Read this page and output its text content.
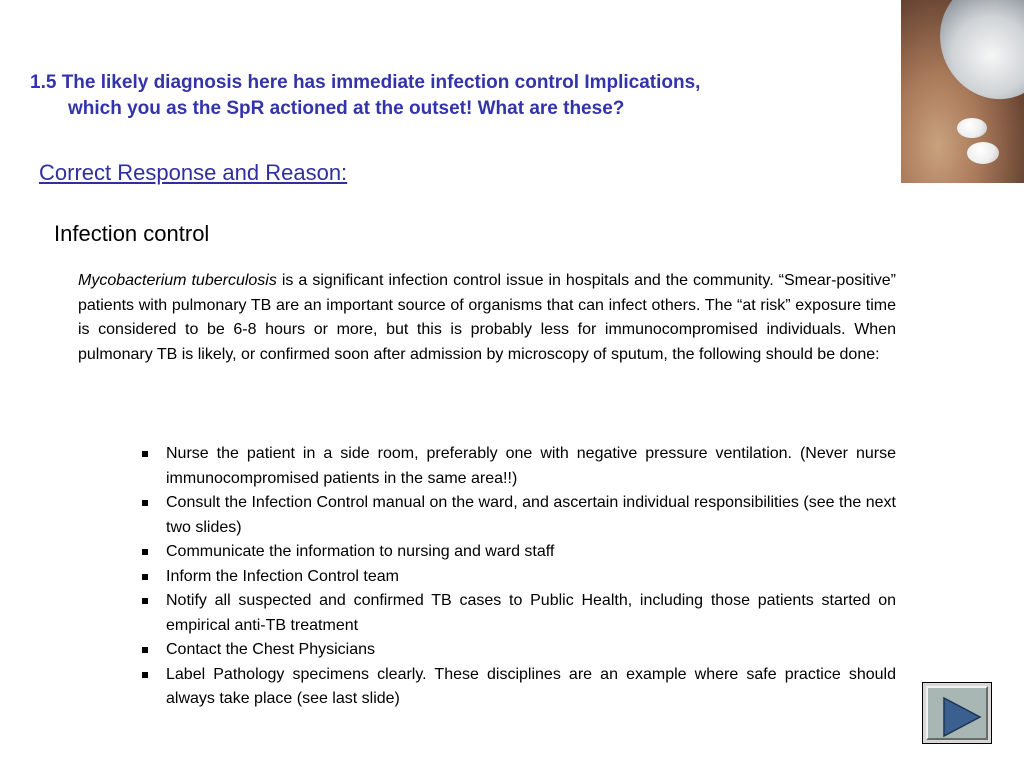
1.5 The likely diagnosis here has immediate infection control Implications,
which you as the SpR actioned at the outset! What are these?
Correct Response and Reason:
Infection control

Mycobacterium tuberculosis is a significant infection control issue in hospitals and the community. “Smear-positive” patients with pulmonary TB are an important source of organisms that can infect others. The “at risk” exposure time is considered to be 6-8 hours or more, but this is probably less for immunocompromised individuals. When pulmonary TB is likely, or confirmed soon after admission by microscopy of sputum, the following should be done:

Nurse the patient in a side room, preferably one with negative pressure ventilation. (Never nurse immunocompromised patients in the same area!!)
Consult the Infection Control manual on the ward, and ascertain individual responsibilities (see the next two slides)
Communicate the information to nursing and ward staff
Inform the Infection Control team
Notify all suspected and confirmed TB cases to Public Health, including those patients started on empirical anti-TB treatment
Contact the Chest Physicians
Label Pathology specimens clearly. These disciplines are an example where safe practice should always take place (see last slide)
